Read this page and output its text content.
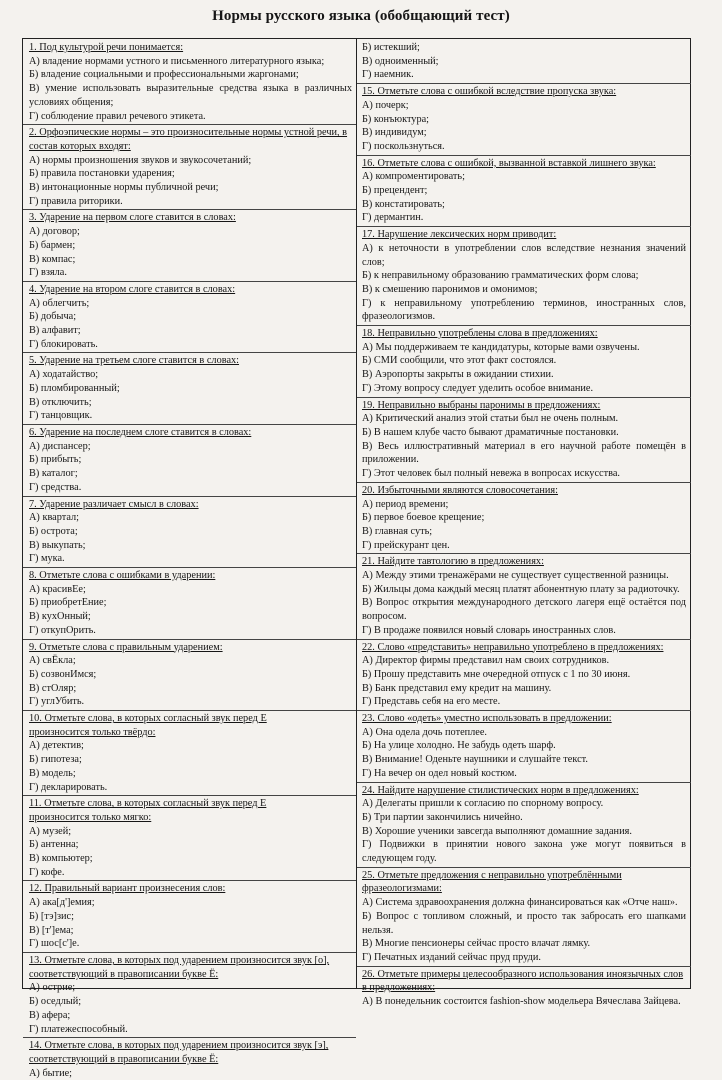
Нормы русского языка (обобщающий тест)
1. Под культурой речи понимается:
А) владение нормами устного и письменного литературного языка;
Б) владение социальными и профессиональными жаргонами;
В) умение использовать выразительные средства языка в различных условиях общения;
Г) соблюдение правил речевого этикета.
2. Орфоэпические нормы – это произносительные нормы устной речи, в состав которых входят:
А) нормы произношения звуков и звукосочетаний;
Б) правила постановки ударения;
В) интонационные нормы публичной речи;
Г) правила риторики.
3. Ударение на первом слоге ставится в словах:
А) договор;
Б) бармен;
В) компас;
Г) взяла.
4. Ударение на втором слоге ставится в словах:
А) облегчить;
Б) добыча;
В) алфавит;
Г) блокировать.
5. Ударение на третьем слоге ставится в словах:
А) ходатайство;
Б) пломбированный;
В) отключить;
Г) танцовщик.
6. Ударение на последнем слоге ставится в словах:
А) диспансер;
Б) прибыть;
В) каталог;
Г) средства.
7. Ударение различает смысл в словах:
А) квартал;
Б) острота;
В) выкупать;
Г) мука.
8. Отметьте слова с ошибками в ударении:
А) красивЕе;
Б) приобретЕние;
В) кухОнный;
Г) откупОрить.
9. Отметьте слова с правильным ударением:
А) свЁкла;
Б) созвонИмся;
В) стОляр;
Г) углУбить.
10. Отметьте слова, в которых согласный звук перед Е
произносится только твёрдо:
А) детектив;
Б) гипотеза;
В) модель;
Г) декларировать.
11. Отметьте слова, в которых согласный звук перед Е
произносится только мягко:
А) музей;
Б) антенна;
В) компьютер;
Г) кофе.
12. Правильный вариант произнесения слов:
А) ака[д']емия;
Б) [тэ]зис;
В) [т']ема;
Г) шос[с']е.
13. Отметьте слова, в которых под ударением произносится звук [о], соответствующий в правописании букве Ё:
А) острие;
Б) оседлый;
В) афера;
Г) платежеспособный.
14. Отметьте слова, в которых под ударением произносится звук [э], соответствующий в правописании букве Ё:
А) бытие;
Б) истекший;
В) одноименный;
Г) наемник.
15. Отметьте слова с ошибкой вследствие пропуска звука:
А) почерк;
Б) конъюктура;
В) индивидум;
Г) поскользнуться.
16. Отметьте слова с ошибкой, вызванной вставкой лишнего звука:
А) компроментировать;
Б) прецендент;
В) констатировать;
Г) дермантин.
17. Нарушение лексических норм приводит:
А) к неточности в употреблении слов вследствие незнания значений слов;
Б) к неправильному образованию грамматических форм слова;
В) к смешению паронимов и омонимов;
Г) к неправильному употреблению терминов, иностранных слов, фразеологизмов.
18. Неправильно употреблены слова в предложениях:
А) Мы поддерживаем те кандидатуры, которые вами озвучены.
Б) СМИ сообщили, что этот факт состоялся.
В) Аэропорты закрыты в ожидании стихии.
Г) Этому вопросу следует уделить особое внимание.
19. Неправильно выбраны паронимы в предложениях:
А) Критический анализ этой статьи был не очень полным.
Б) В нашем клубе часто бывают драматичные постановки.
В) Весь иллюстративный материал в его научной работе помещён в приложении.
Г) Этот человек был полный невежа в вопросах искусства.
20. Избыточными являются словосочетания:
А) период времени;
Б) первое боевое крещение;
В) главная суть;
Г) прейскурант цен.
21. Найдите тавтологию в предложениях:
А) Между этими тренажёрами не существует существенной разницы.
Б) Жильцы дома каждый месяц платят абонентную плату за радиоточку.
В) Вопрос открытия международного детского лагеря ещё остаётся под вопросом.
Г) В продаже появился новый словарь иностранных слов.
22. Слово «представить» неправильно употреблено в предложениях:
А) Директор фирмы представил нам своих сотрудников.
Б) Прошу представить мне очередной отпуск с 1 по 30 июня.
В) Банк представил ему кредит на машину.
Г) Представь себя на его месте.
23. Слово «одеть» уместно использовать в предложении:
А) Она одела дочь потеплее.
Б) На улице холодно. Не забудь одеть шарф.
В) Внимание! Оденьте наушники и слушайте текст.
Г) На вечер он одел новый костюм.
24. Найдите нарушение стилистических норм в предложениях:
А) Делегаты пришли к согласию по спорному вопросу.
Б) Три партии закончились ничейно.
В) Хорошие ученики завсегда выполняют домашние задания.
Г) Подвижки в принятии нового закона уже могут появиться в следующем году.
25. Отметьте предложения с неправильно употреблёнными фразеологизмами:
А) Система здравоохранения должна финансироваться как «Отче наш».
Б) Вопрос с топливом сложный, и просто так забросать его шапками нельзя.
В) Многие пенсионеры сейчас просто влачат лямку.
Г) Печатных изданий сейчас пруд пруди.
26. Отметьте примеры целесообразного использования иноязычных слов в предложениях:
А) В понедельник состоится fashion-show модельера Вячеслава Зайцева.
